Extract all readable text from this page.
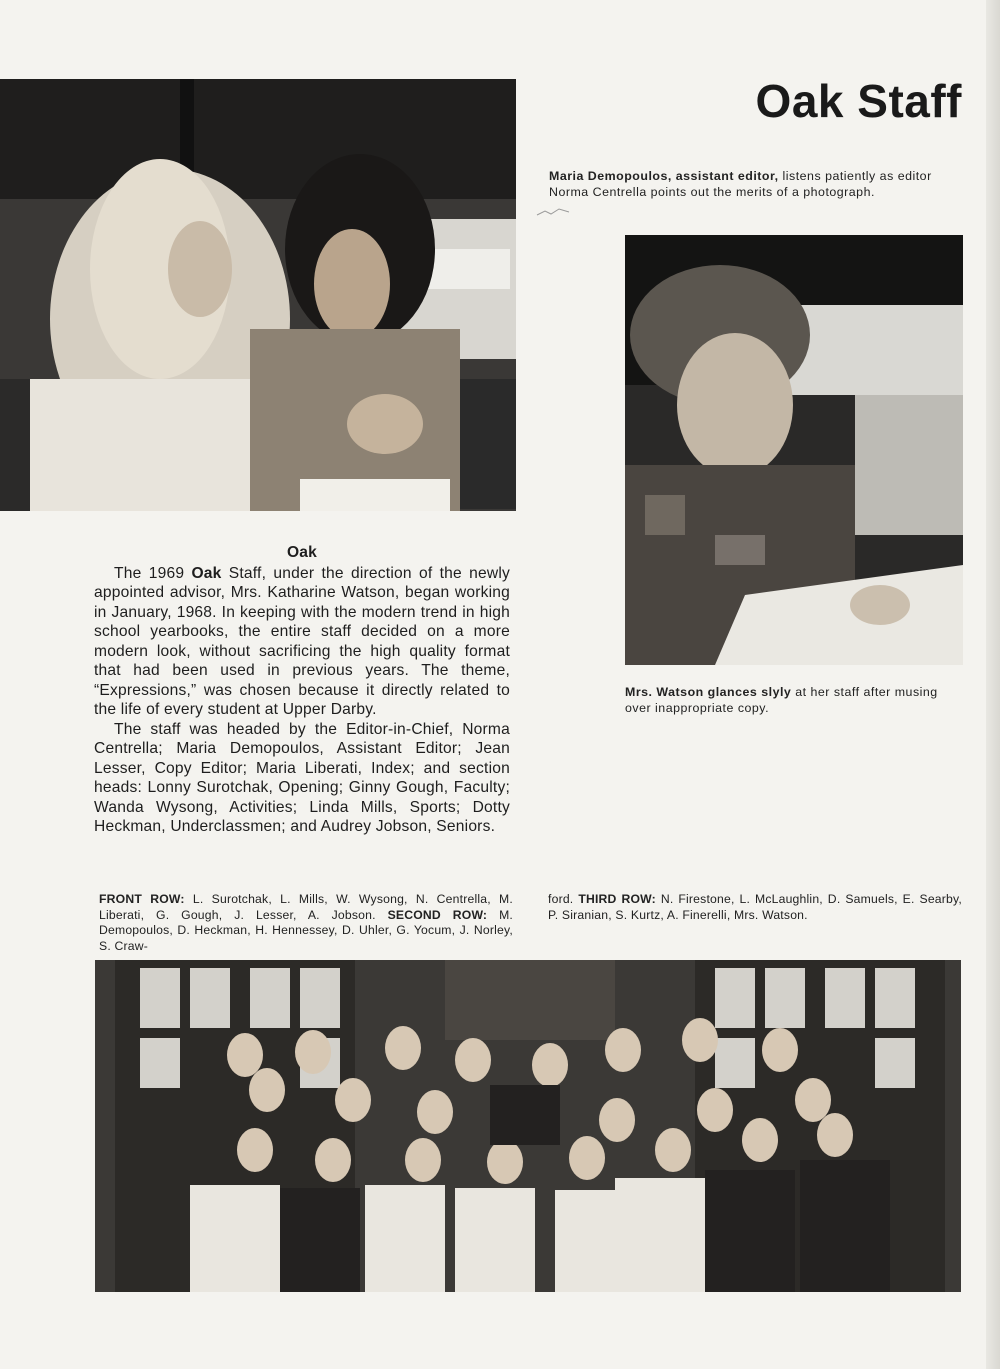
Oak Staff
Maria Demopoulos, assistant editor, listens patiently as editor Norma Centrella points out the merits of a photograph.
Mrs. Watson glances slyly at her staff after musing over inappropriate copy.
Oak

The 1969 Oak Staff, under the direction of the newly appointed advisor, Mrs. Katharine Watson, began working in January, 1968. In keeping with the modern trend in high school yearbooks, the entire staff decided on a more modern look, without sacrificing the high quality format that had been used in previous years. The theme, “Expressions,” was chosen because it directly related to the life of every student at Upper Darby.

The staff was headed by the Editor-in-Chief, Norma Centrella; Maria Demopoulos, Assistant Editor; Jean Lesser, Copy Editor; Maria Liberati, Index; and section heads: Lonny Surotchak, Opening; Ginny Gough, Faculty; Wanda Wysong, Activities; Linda Mills, Sports; Dotty Heckman, Underclassmen; and Audrey Jobson, Seniors.

FRONT ROW: L. Surotchak, L. Mills, W. Wysong, N. Centrella, M. Liberati, G. Gough, J. Lesser, A. Jobson. SECOND ROW: M. Demopoulos, D. Heckman, H. Hennessey, D. Uhler, G. Yocum, J. Norley, S. Craw-
ford. THIRD ROW: N. Firestone, L. McLaughlin, D. Samuels, E. Searby, P. Siranian, S. Kurtz, A. Finerelli, Mrs. Watson.
